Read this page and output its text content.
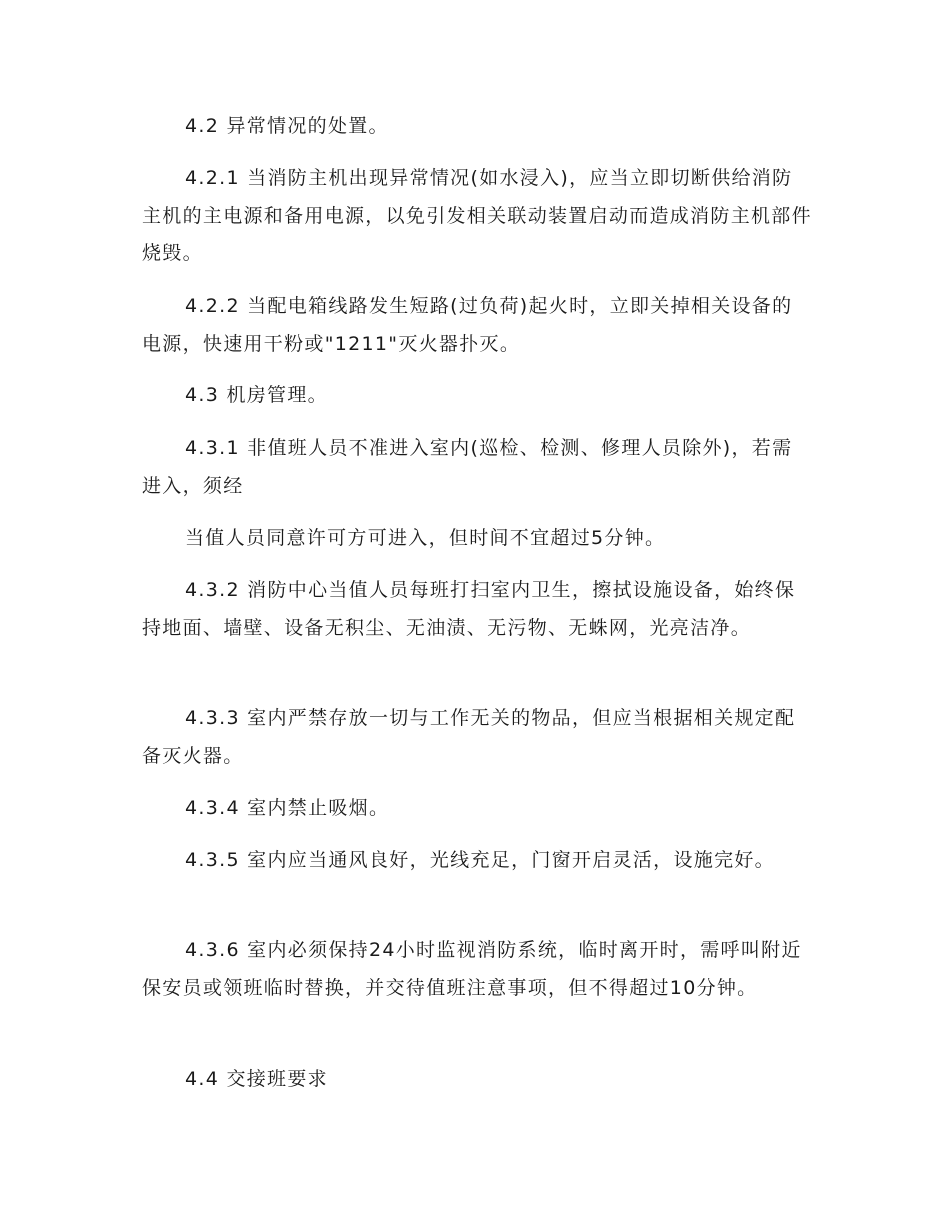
4.2 异常情况的处置。

4.2.1 当消防主机出现异常情况(如水浸入)，应当立即切断供给消防主机的主电源和备用电源，以免引发相关联动装置启动而造成消防主机部件烧毁。

4.2.2 当配电箱线路发生短路(过负荷)起火时，立即关掉相关设备的电源，快速用干粉或"1211"灭火器扑灭。

4.3 机房管理。

4.3.1 非值班人员不准进入室内(巡检、检测、修理人员除外)，若需进入，须经

当值人员同意许可方可进入，但时间不宜超过5分钟。

4.3.2 消防中心当值人员每班打扫室内卫生，擦拭设施设备，始终保持地面、墙壁、设备无积尘、无油渍、无污物、无蛛网，光亮洁净。

4.3.3 室内严禁存放一切与工作无关的物品，但应当根据相关规定配备灭火器。

4.3.4 室内禁止吸烟。

4.3.5 室内应当通风良好，光线充足，门窗开启灵活，设施完好。

4.3.6 室内必须保持24小时监视消防系统，临时离开时，需呼叫附近保安员或领班临时替换，并交待值班注意事项，但不得超过10分钟。

4.4 交接班要求
